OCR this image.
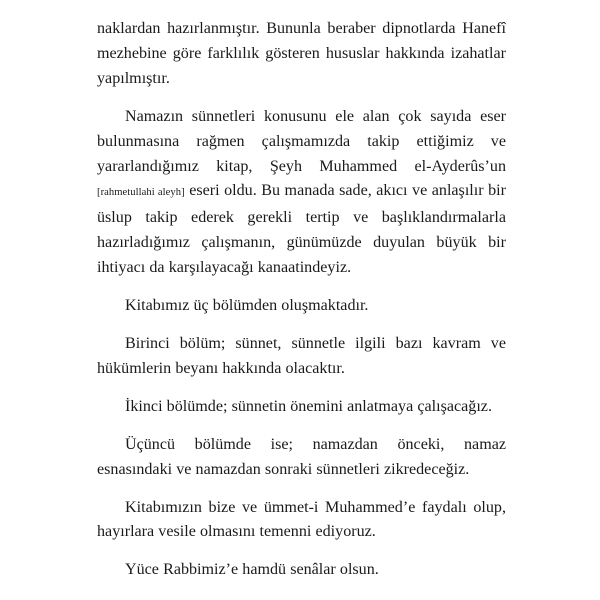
naklardan hazırlanmıştır. Bununla beraber dipnotlarda Hanefî mezhebine göre farklılık gösteren hususlar hakkında izahatlar yapılmıştır.

Namazın sünnetleri konusunu ele alan çok sayıda eser bulunmasına rağmen çalışmamızda takip ettiğimiz ve yararlandığımız kitap, Şeyh Muhammed el-Ayderûs’un [rahmetullahi aleyh] eseri oldu. Bu manada sade, akıcı ve anlaşılır bir üslup takip ederek gerekli tertip ve başlıklandırmalarla hazırladığımız çalışmanın, günümüzde duyulan büyük bir ihtiyacı da karşılayacağı kanaatindeyiz.

Kitabımız üç bölümden oluşmaktadır.

Birinci bölüm; sünnet, sünnetle ilgili bazı kavram ve hükümlerin beyanı hakkında olacaktır.

İkinci bölümde; sünnetin önemini anlatmaya çalışacağız.

Üçüncü bölümde ise; namazdan önceki, namaz esnasındaki ve namazdan sonraki sünnetleri zikredeceğiz.

Kitabımızın bize ve ümmet-i Muhammed’e faydalı olup, hayırlara vesile olmasını temenni ediyoruz.

Yüce Rabbimiz’e hamdü senâlar olsun.
